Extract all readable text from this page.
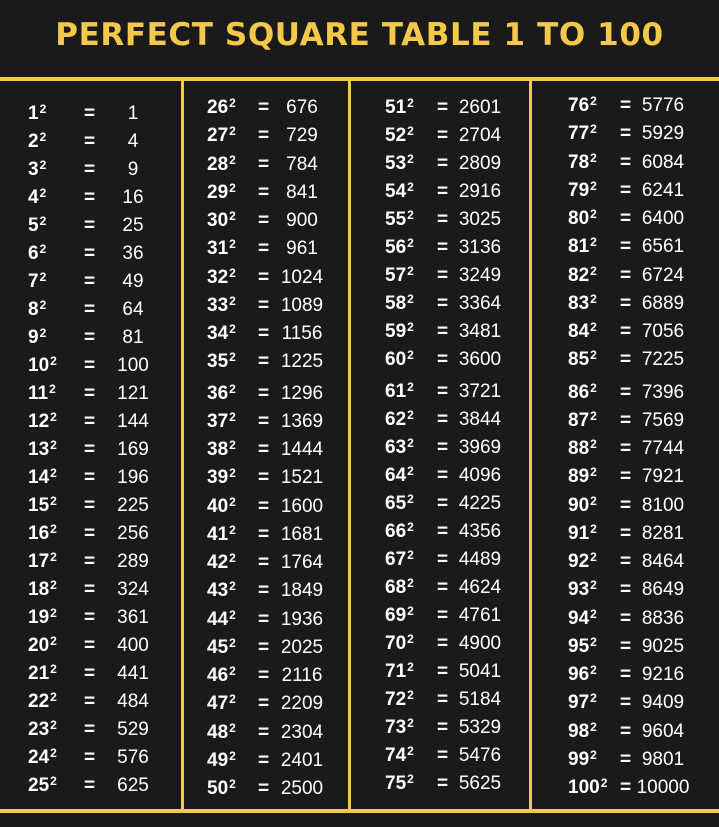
PERFECT SQUARE TABLE 1 TO 100
$1^2$ =	1
$2^2$ =	4
$3^2$ =	9
$4^2$ =	16
$5^2$ =	25
$6^2$ =	36
$7^2$ =	49
$8^2$ =	64
$9^2$ =	81
$10^2$ =	100
$11^2$ =	121
$12^2$ =	144
$13^2$ =	169
$14^2$ =	196
$15^2$ =	225
$16^2$ =	256
$17^2$ =	289
$18^2$ =	324
$19^2$ =	361
$20^2$ =	400
$21^2$ =	441
$22^2$ =	484
$23^2$ =	529
$24^2$ =	576
$25^2$ =	625
$26^2 = 676$
$27^2 = 729$
$28^2 = 784$
$29^2 = 841$
$30^2 = 900$
$31^2 = 961$
$32^2 = 1024$
$33^2 = 1089$
$34^2 = 1156$
$35^2 = 1225$
$36^2 = 1296$
$37^2 = 1369$
$38^2 = 1444$
$39^2 = 1521$
$40^2 = 1600$
$41^2 = 1681$
$42^2 = 1764$
$43^2 = 1849$
$44^2 = 1936$
$45^2 = 2025$
$46^2 = 2116$
$47^2 = 2209$
$48^2 = 2304$
$49^2 = 2401$
$50^2 = 2500$
$51^2 = 2601$
$52^2 = 2704$
$53^2 = 2809$
$54^2 = 2916$
$55^2 = 3025$
$56^2 = 3136$
$57^2 = 3249$
$58^2 = 3364$
$59^2 = 3481$
$60^2 = 3600$
$61^2 = 3721$
$62^2 = 3844$
$63^2 = 3969$
$64^2 = 4096$
$65^2 = 4225$
$66^2 = 4356$
$67^2 = 4489$
$68^2 = 4624$
$69^2 = 4761$
$70^2 = 4900$
$71^2 = 5041$
$72^2 = 5184$
$73^2 = 5329$
$74^2 = 5476$
$75^2 = 5625$
$76^2 = 5776$
$77^2 = 5929$
$78^2 = 6084$
$79^2 = 6241$
$80^2 = 6400$
$81^2 = 6561$
$82^2 = 6724$
$83^2 = 6889$
$84^2 = 7056$
$85^2 = 7225$
$86^2 = 7396$
$87^2 = 7569$
$88^2 = 7744$
$89^2 = 7921$
$90^2 = 8100$
$91^2 = 8281$
$92^2 = 8464$
$93^2 = 8649$
$94^2 = 8836$
$95^2 = 9025$
$96^2 = 9216$
$97^2 = 9409$
$98^2 = 9604$
$99^2 = 9801$
$100^2 = 10000$
